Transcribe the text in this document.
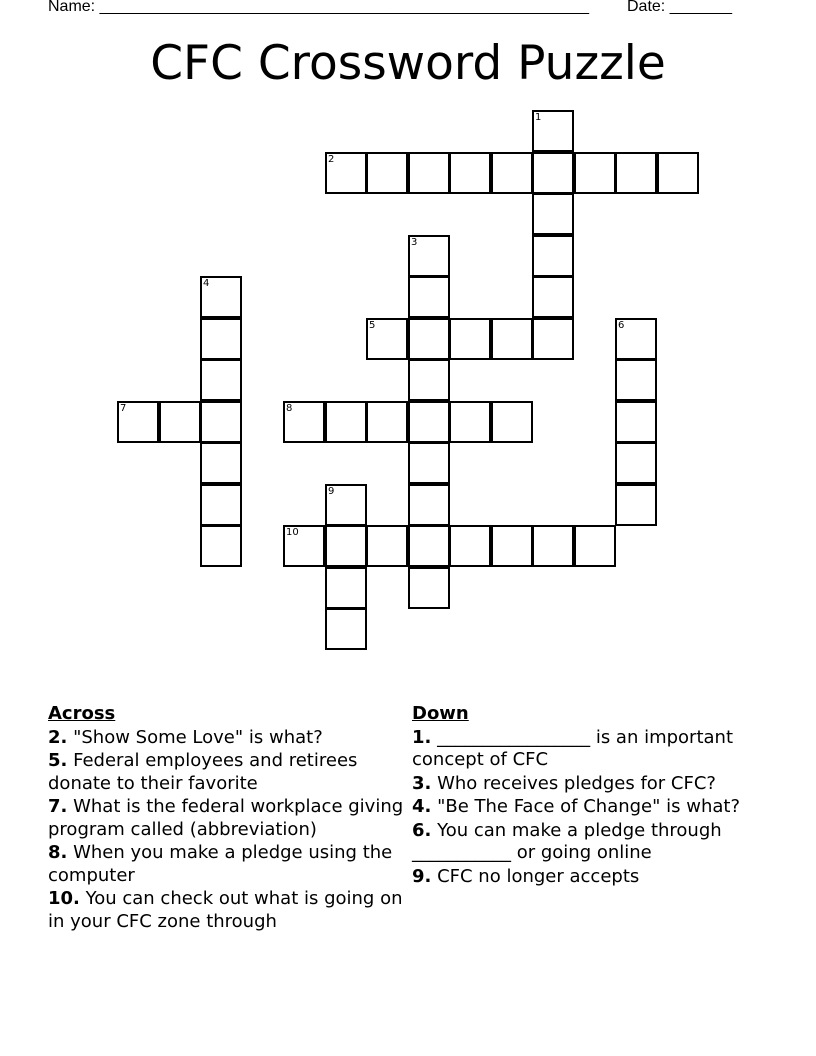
Name: _______________________________________________________ Date: _______
CFC Crossword Puzzle
1
2
3
4
5	6
7	8
9
10
Across
2. "Show Some Love" is what?
5. Federal employees and retirees donate to their favorite
7. What is the federal workplace giving program called (abbreviation)
8. When you make a pledge using the computer
10. You can check out what is going on in your CFC zone through
Down
1. _________________ is an important concept of CFC
3. Who receives pledges for CFC?
4. "Be The Face of Change" is what?
6. You can make a pledge through ___________ or going online
9. CFC no longer accepts
